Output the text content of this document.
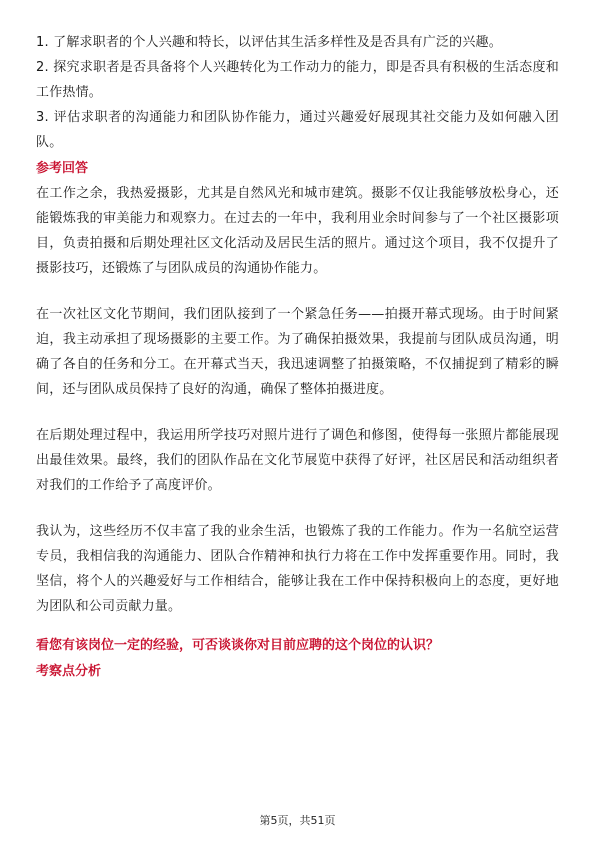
1. 了解求职者的个人兴趣和特长，以评估其生活多样性及是否具有广泛的兴趣。

2. 探究求职者是否具备将个人兴趣转化为工作动力的能力，即是否具有积极的生活态度和工作热情。

3. 评估求职者的沟通能力和团队协作能力，通过兴趣爱好展现其社交能力及如何融入团队。

参考回答

在工作之余，我热爱摄影，尤其是自然风光和城市建筑。摄影不仅让我能够放松身心，还能锻炼我的审美能力和观察力。在过去的一年中，我利用业余时间参与了一个社区摄影项目，负责拍摄和后期处理社区文化活动及居民生活的照片。通过这个项目，我不仅提升了摄影技巧，还锻炼了与团队成员的沟通协作能力。

在一次社区文化节期间，我们团队接到了一个紧急任务——拍摄开幕式现场。由于时间紧迫，我主动承担了现场摄影的主要工作。为了确保拍摄效果，我提前与团队成员沟通，明确了各自的任务和分工。在开幕式当天，我迅速调整了拍摄策略，不仅捕捉到了精彩的瞬间，还与团队成员保持了良好的沟通，确保了整体拍摄进度。

在后期处理过程中，我运用所学技巧对照片进行了调色和修图，使得每一张照片都能展现出最佳效果。最终，我们的团队作品在文化节展览中获得了好评，社区居民和活动组织者对我们的工作给予了高度评价。

我认为，这些经历不仅丰富了我的业余生活，也锻炼了我的工作能力。作为一名航空运营专员，我相信我的沟通能力、团队合作精神和执行力将在工作中发挥重要作用。同时，我坚信，将个人的兴趣爱好与工作相结合，能够让我在工作中保持积极向上的态度，更好地为团队和公司贡献力量。

看您有该岗位一定的经验，可否谈谈你对目前应聘的这个岗位的认识？
考察点分析
第5页，共51页
